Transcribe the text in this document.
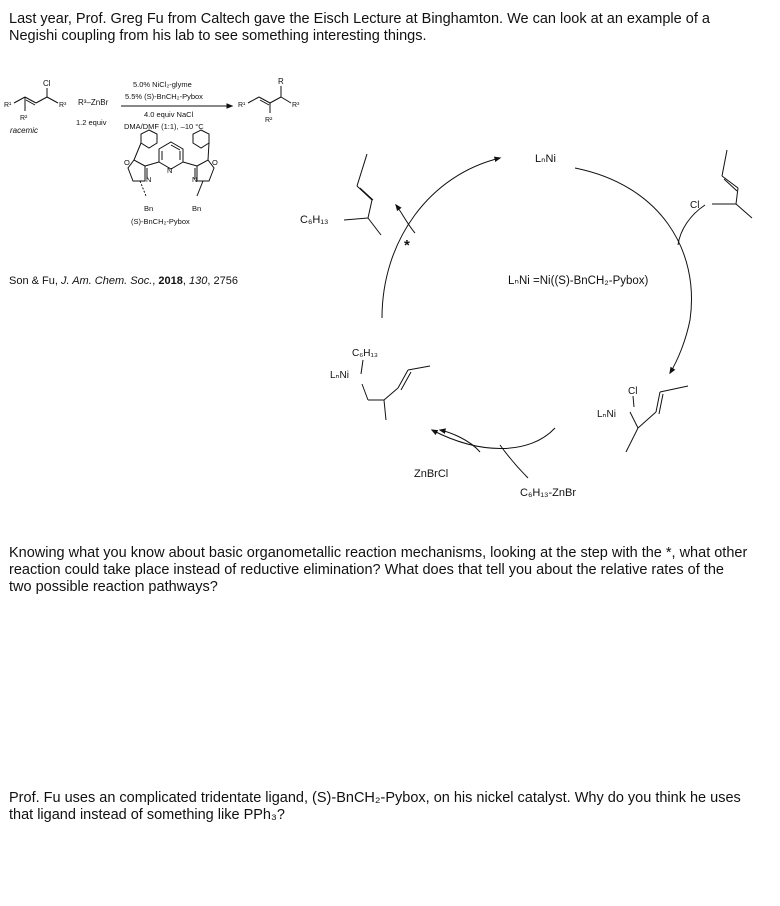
Last year, Prof. Greg Fu from Caltech gave the Eisch Lecture at Binghamton. We can look at an example of a Negishi coupling from his lab to see something interesting things.
Cl
R¹
R²
R³
racemic
R³–ZnBr
1.2 equiv
5.0% NiCl₂-glyme
5.5% (S)-BnCH₂-Pybox
4.0 equiv NaCl
DMA/DMF (1:1), –10 °C
R
R¹
R²
R³
N
N	N
O	O
Bn	Bn
(S)-BnCH₂-Pybox
Son & Fu, J. Am. Chem. Soc., 2018, 130, 2756
C₆H₁₃
*
LₙNi
Cl
LₙNi =Ni((S)-BnCH₂-Pybox)
C₆H₁₃
LₙNi
Cl
LₙNi
ZnBrCl
C₆H₁₃-ZnBr
Knowing what you know about basic organometallic reaction mechanisms, looking at the step with the *, what other reaction could take place instead of reductive elimination? What does that tell you about the relative rates of the two possible reaction pathways?
Prof. Fu uses an complicated tridentate ligand, (S)-BnCH₂-Pybox, on his nickel catalyst. Why do you think he uses that ligand instead of something like PPh₃?
